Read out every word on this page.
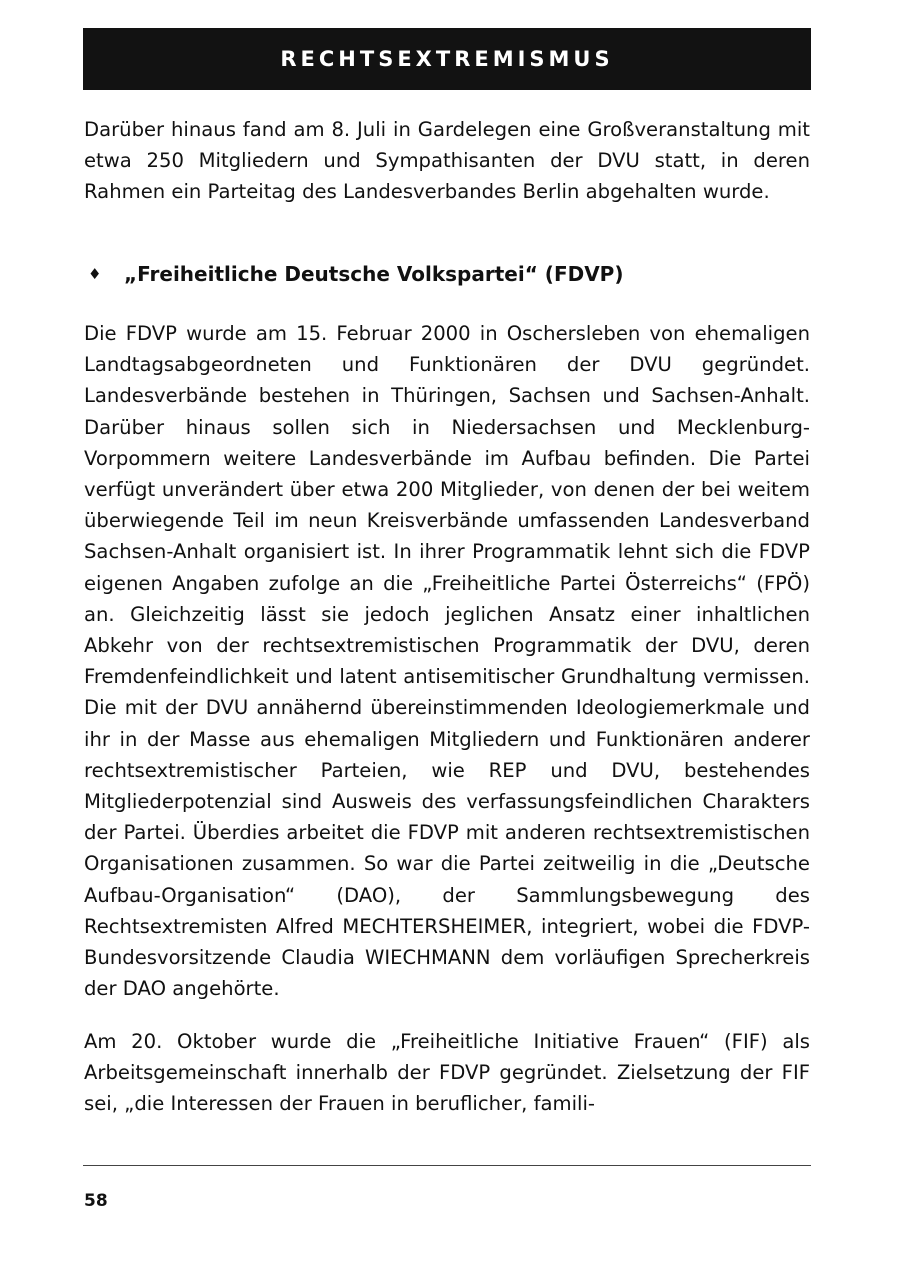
RECHTSEXTREMISMUS

Darüber hinaus fand am 8. Juli in Gardelegen eine Großveranstaltung mit etwa 250 Mitgliedern und Sympathisanten der DVU statt, in deren Rahmen ein Parteitag des Landesverbandes Berlin abgehalten wurde.

♦	„Freiheitliche Deutsche Volkspartei“ (FDVP)

Die FDVP wurde am 15. Februar 2000 in Oschersleben von ehemaligen Landtagsabgeordneten und Funktionären der DVU gegründet. Landesverbände bestehen in Thüringen, Sachsen und Sachsen-Anhalt. Darüber hinaus sollen sich in Niedersachsen und Mecklenburg-Vorpommern weitere Landesverbände im Aufbau befinden. Die Partei verfügt unverändert über etwa 200 Mitglieder, von denen der bei weitem überwiegende Teil im neun Kreisverbände umfassenden Landesverband Sachsen-Anhalt organisiert ist. In ihrer Programmatik lehnt sich die FDVP eigenen Angaben zufolge an die „Freiheitliche Partei Österreichs“ (FPÖ) an. Gleichzeitig lässt sie jedoch jeglichen Ansatz einer inhaltlichen Abkehr von der rechtsextremistischen Programmatik der DVU, deren Fremdenfeindlichkeit und latent antisemitischer Grundhaltung vermissen. Die mit der DVU annähernd übereinstimmenden Ideologiemerkmale und ihr in der Masse aus ehemaligen Mitgliedern und Funktionären anderer rechtsextremistischer Parteien, wie REP und DVU, bestehendes Mitgliederpotenzial sind Ausweis des verfassungsfeindlichen Charakters der Partei. Überdies arbeitet die FDVP mit anderen rechtsextremistischen Organisationen zusammen. So war die Partei zeitweilig in die „Deutsche Aufbau-Organisation“ (DAO), der Sammlungsbewegung des Rechtsextremisten Alfred MECHTERSHEIMER, integriert, wobei die FDVP-Bundesvorsitzende Claudia WIECHMANN dem vorläufigen Sprecherkreis der DAO angehörte.

Am 20. Oktober wurde die „Freiheitliche Initiative Frauen“ (FIF) als Arbeitsgemeinschaft innerhalb der FDVP gegründet. Zielsetzung der FIF sei, „die Interessen der Frauen in beruflicher, famili-

58
